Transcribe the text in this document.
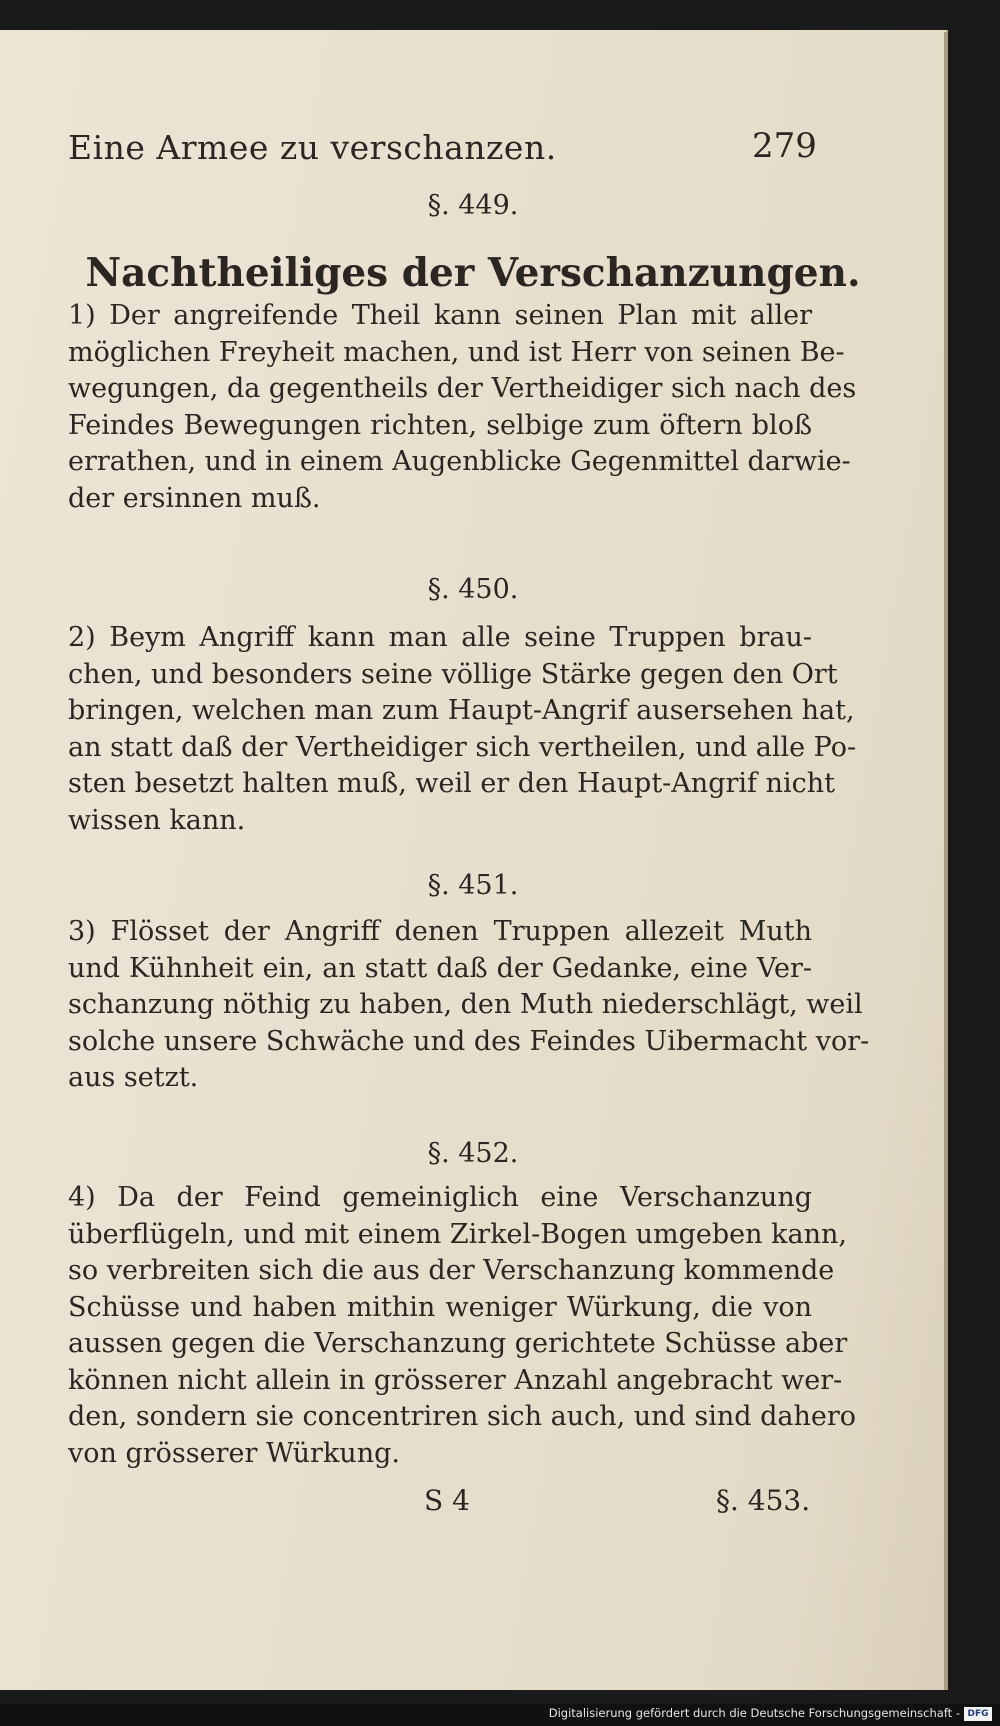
Eine Armee zu verschanzen.	279
§. 449.
Nachtheiliges der Verschanzungen.
1) Der angreifende Theil kann seinen Plan mit aller
möglichen Freyheit machen, und ist Herr von seinen Be-
wegungen, da gegentheils der Vertheidiger sich nach des
Feindes Bewegungen richten, selbige zum öftern bloß
errathen, und in einem Augenblicke Gegenmittel darwie-
der ersinnen muß.
§. 450.
2) Beym Angriff kann man alle seine Truppen brau-
chen, und besonders seine völlige Stärke gegen den Ort
bringen, welchen man zum Haupt-Angrif ausersehen hat,
an statt daß der Vertheidiger sich vertheilen, und alle Po-
sten besetzt halten muß, weil er den Haupt-Angrif nicht
wissen kann.
§. 451.
3) Flösset der Angriff denen Truppen allezeit Muth
und Kühnheit ein, an statt daß der Gedanke, eine Ver-
schanzung nöthig zu haben, den Muth niederschlägt, weil
solche unsere Schwäche und des Feindes Uibermacht vor-
aus setzt.
§. 452.
4) Da der Feind gemeiniglich eine Verschanzung
überflügeln, und mit einem Zirkel-Bogen umgeben kann,
so verbreiten sich die aus der Verschanzung kommende
Schüsse und haben mithin weniger Würkung, die von
aussen gegen die Verschanzung gerichtete Schüsse aber
können nicht allein in grösserer Anzahl angebracht wer-
den, sondern sie concentriren sich auch, und sind dahero
von grösserer Würkung.
S 4	§. 453.
Digitalisierung gefördert durch die Deutsche Forschungsgemeinschaft - DFG
